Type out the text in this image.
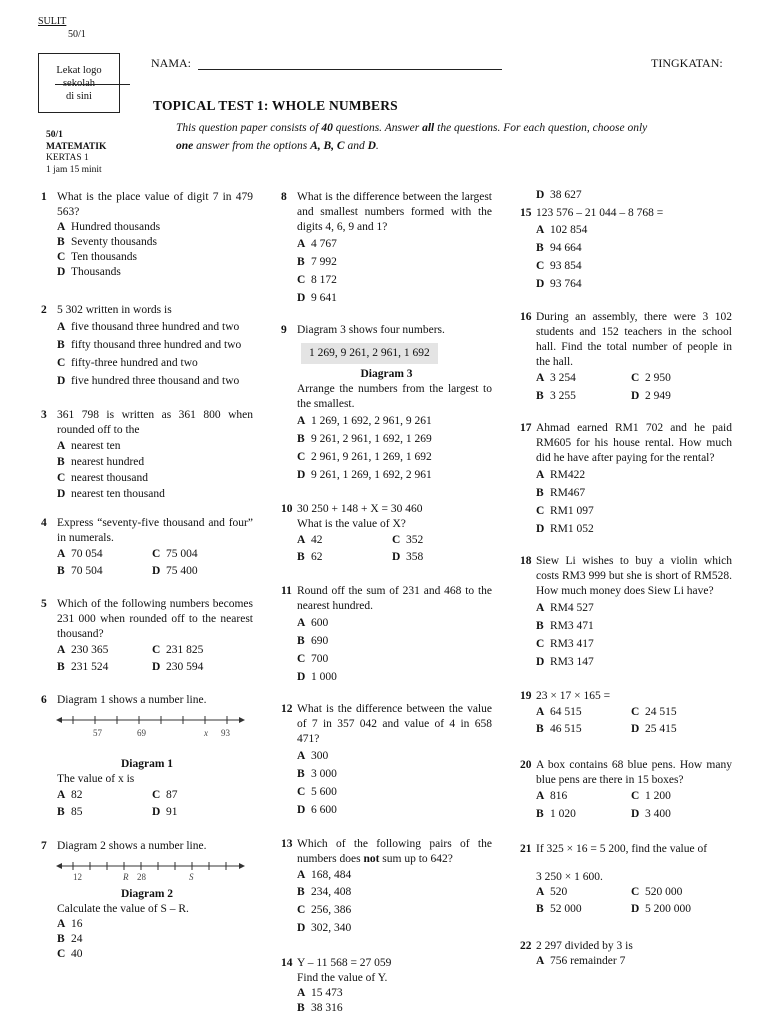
SULIT
50/1
Lekat logo
di sini
NAMA:	TINGKATAN:
TOPICAL TEST 1: WHOLE NUMBERS
This question paper consists of 40 questions. Answer all the questions. For each question, choose only
one answer from the options A, B, C and D.
50/1
MATEMATIK
KERTAS 1
1 jam 15 minit
1 What is the place value of digit 7 in 479 563?
A Hundred thousands
B Seventy thousands
C Ten thousands
D Thousands
2 5 302 written in words is
A five thousand three hundred and two
B fifty thousand three hundred and two
C fifty-three hundred and two
D five hundred three thousand and two
3 361 798 is written as 361 800 when rounded off to the
A nearest ten
B nearest hundred
C nearest thousand
D nearest ten thousand
4 Express “seventy-five thousand and four” in numerals.
A 70 054	C 75 004
B 70 504	D 75 400
5 Which of the following numbers becomes 231 000 when rounded off to the nearest thousand?
A 230 365	C 231 825
B 231 524	D 230 594
6 Diagram 1 shows a number line.
57	69	x 93
Diagram 1
The value of x is
A 82	C 87
B 85	D 91
7 Diagram 2 shows a number line.
12	R 28	S
Diagram 2
Calculate the value of S – R.
A 16
B 24
C 40
8 What is the difference between the largest and smallest numbers formed with the digits 4, 6, 9 and 1?
A 4 767
B 7 992
C 8 172
D 9 641
9 Diagram 3 shows four numbers.
1 269, 9 261, 2 961, 1 692
Diagram 3
Arrange the numbers from the largest to the smallest.
A 1 269, 1 692, 2 961, 9 261
B 9 261, 2 961, 1 692, 1 269
C 2 961, 9 261, 1 269, 1 692
D 9 261, 1 269, 1 692, 2 961
10 30 250 + 148 + X = 30 460
What is the value of X?
A 42	C 352
B 62	D 358
11 Round off the sum of 231 and 468 to the nearest hundred.
A 600
B 690
C 700
D 1 000
12 What is the difference between the value of 7 in 357 042 and value of 4 in 658 471?
A 300
B 3 000
C 5 600
D 6 600
13 Which of the following pairs of the numbers does not sum up to 642?
A 168, 484
B 234, 408
C 256, 386
D 302, 340
14 Y – 11 568 = 27 059
Find the value of Y.
A 15 473
B 38 316
D 38 627
15 123 576 – 21 044 – 8 768 =
A 102 854
B 94 664
C 93 854
D 93 764
16 During an assembly, there were 3 102 students and 152 teachers in the school hall. Find the total number of people in the hall.
A 3 254	C 2 950
B 3 255	D 2 949
17 Ahmad earned RM1 702 and he paid RM605 for his house rental. How much did he have after paying for the rental?
A RM422
B RM467
C RM1 097
D RM1 052
18 Siew Li wishes to buy a violin which costs RM3 999 but she is short of RM528. How much money does Siew Li have?
A RM4 527
B RM3 471
C RM3 417
D RM3 147
19 23 × 17 × 165 =
A 64 515	C 24 515
B 46 515	D 25 415
20 A box contains 68 blue pens. How many blue pens are there in 15 boxes?
A 816	C 1 200
B 1 020	D 3 400
21 If 325 × 16 = 5 200, find the value of
3 250 × 1 600.
A 520	C 520 000
B 52 000	D 5 200 000
22 2 297 divided by 3 is
A 756 remainder 7
